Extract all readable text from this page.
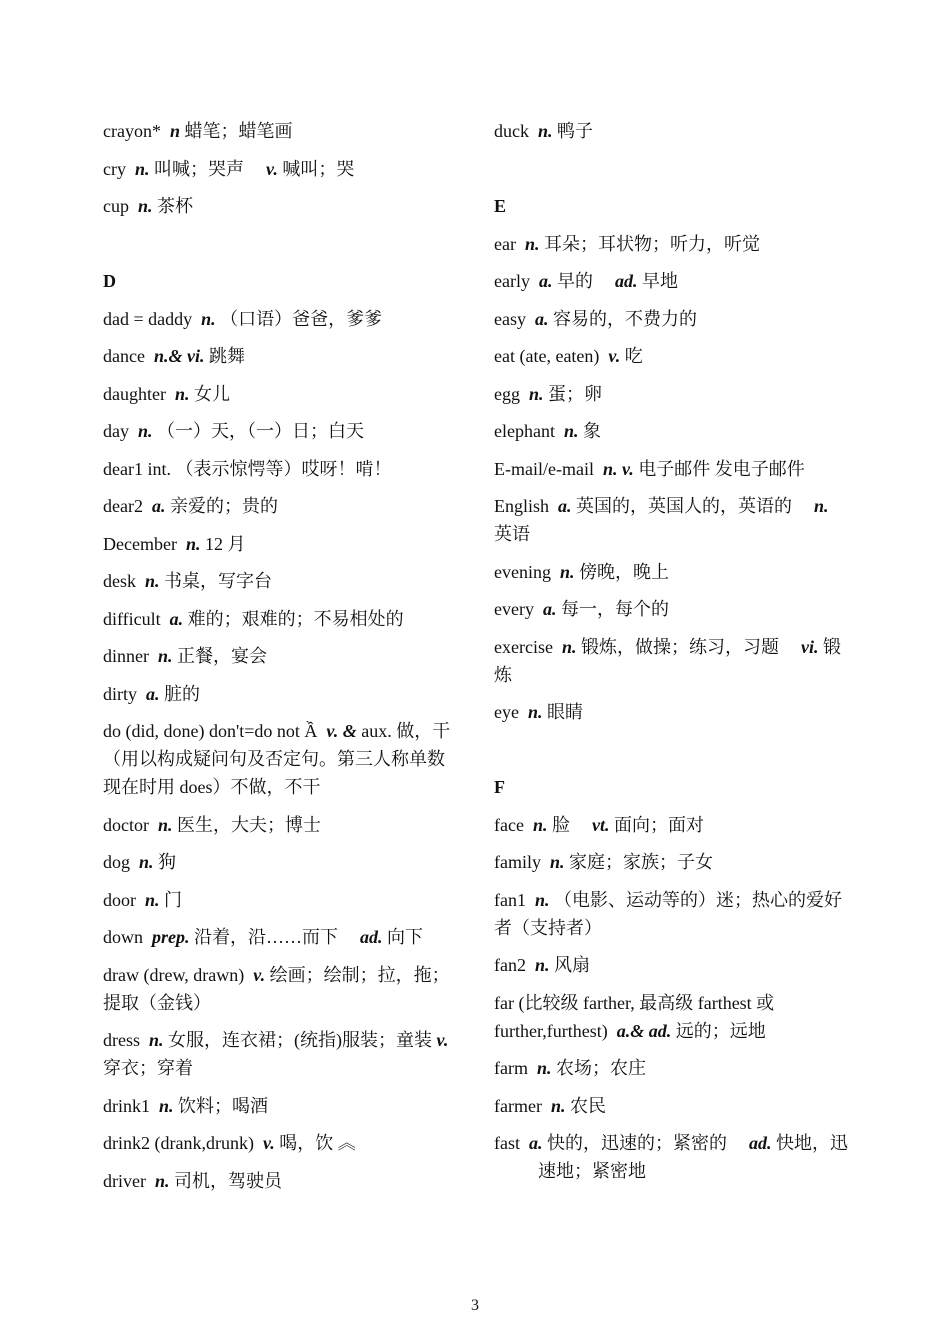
crayon* n 蜡笔；蜡笔画
cry n. 叫喊；哭声 v. 喊叫；哭
cup n. 茶杯
D
dad = daddy n. （口语）爸爸，爹爹
dance n.& vi. 跳舞
daughter n. 女儿
day n. （一）天，（一）日；白天
dear1 int. （表示惊愕等）哎呀！啃！
dear2 a. 亲爱的；贵的
December n. 12 月
desk n. 书桌，写字台
difficult a. 难的；艰难的；不易相处的
dinner n. 正餐，宴会
dirty a. 脏的
do (did, done) don't=do not Ầ v. & aux. 做，干（用以构成疑问句及否定句。第三人称单数现在时用 does）不做，不干
doctor n. 医生，大夫；博士
dog n. 狗
door n. 门
down prep. 沿着，沿……而下 ad. 向下
draw (drew, drawn) v. 绘画；绘制；拉，拖；提取（金钱）
dress n. 女服，连衣裙；(统指)服装；童装 v. 穿衣；穿着
drink1 n. 饮料；喝酒
drink2 (drank,drunk) v. 喝，饮 ︽
driver n. 司机，驾驶员
duck n. 鸭子
E
ear n. 耳朵；耳状物；听力，听觉
early a. 早的 ad. 早地
easy a. 容易的，不费力的
eat (ate, eaten) v. 吃
egg n. 蛋；卵
elephant n. 象
E-mail/e-mail n. v. 电子邮件 发电子邮件
English a. 英国的，英国人的，英语的 n. 英语
evening n. 傍晚，晚上
every a. 每一，每个的
exercise n. 锻炼，做操；练习，习题 vi. 锻炼
eye n. 眼睛
F
face n. 脸 vt. 面向；面对
family n. 家庭；家族；子女
fan1 n. （电影、运动等的）迷；热心的爱好者（支持者）
fan2 n. 风扇
far (比较级 farther, 最高级 farthest 或 further,furthest) a.& ad. 远的；远地
farm n. 农场；农庄
farmer n. 农民
fast a. 快的，迅速的；紧密的 ad. 快地，迅速地；紧密地
3
